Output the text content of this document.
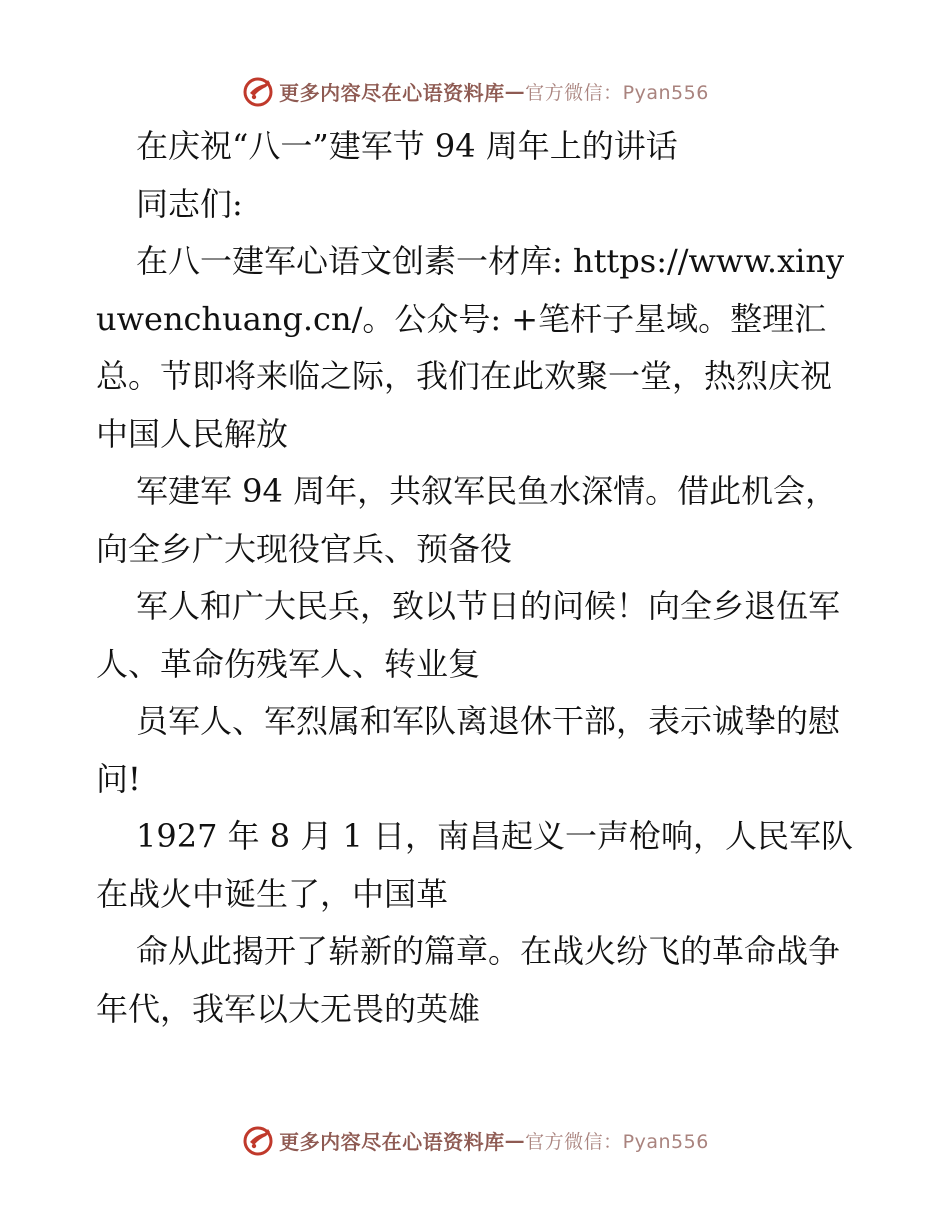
更多内容尽在心语资料库 — 官方微信：Pyan556

在庆祝“八一”建军节 94 周年上的讲话

同志们:

在八一建军心语文创素一材库: https://www.xinyuwenchuang.cn/。公众号: +笔杆子星域。整理汇总。节即将来临之际，我们在此欢聚一堂，热烈庆祝中国人民解放

军建军 94 周年，共叙军民鱼水深情。借此机会，向全乡广大现役官兵、预备役

军人和广大民兵，致以节日的问候！向全乡退伍军人、革命伤残军人、转业复

员军人、军烈属和军队离退休干部，表示诚挚的慰问!

1927 年 8 月 1 日，南昌起义一声枪响，人民军队在战火中诞生了，中国革

命从此揭开了崭新的篇章。在战火纷飞的革命战争年代，我军以大无畏的英雄

更多内容尽在心语资料库 — 官方微信：Pyan556
